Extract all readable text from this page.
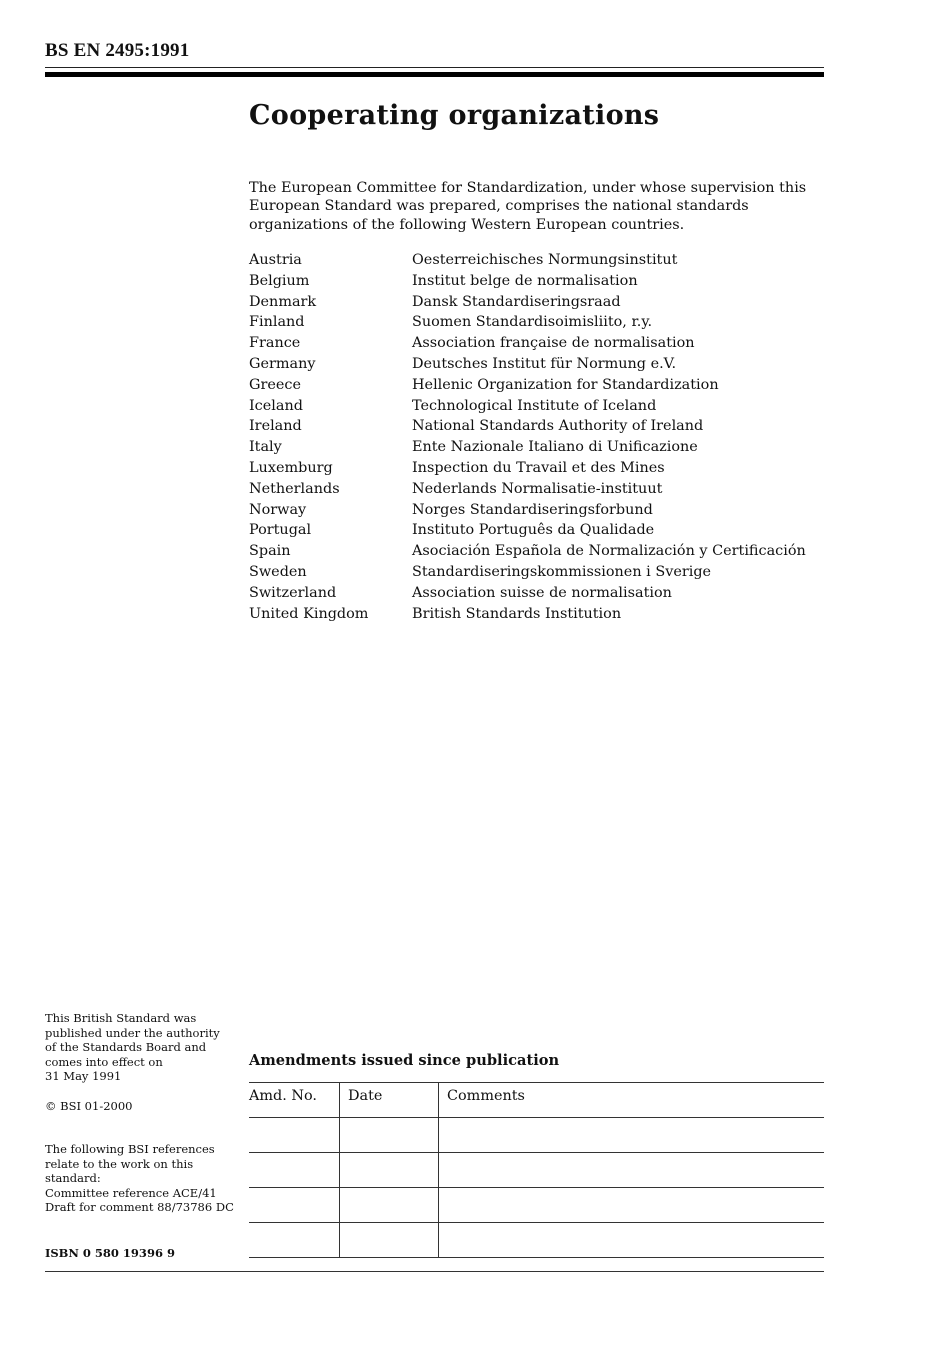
BS EN 2495:1991
Cooperating organizations
The European Committee for Standardization, under whose supervision this European Standard was prepared, comprises the national standards organizations of the following Western European countries.
Austria	Oesterreichisches Normungsinstitut
Belgium	Institut belge de normalisation
Denmark	Dansk Standardiseringsraad
Finland	Suomen Standardisoimisliito, r.y.
France	Association française de normalisation
Germany	Deutsches Institut für Normung e.V.
Greece	Hellenic Organization for Standardization
Iceland	Technological Institute of Iceland
Ireland	National Standards Authority of Ireland
Italy	Ente Nazionale Italiano di Unificazione
Luxemburg	Inspection du Travail et des Mines
Netherlands	Nederlands Normalisatie-instituut
Norway	Norges Standardiseringsforbund
Portugal	Instituto Português da Qualidade
Spain	Asociación Española de Normalización y Certificación
Sweden	Standardiseringskommissionen i Sverige
Switzerland	Association suisse de normalisation
United Kingdom	British Standards Institution
This British Standard was
published under the authority
of the Standards Board and
comes into effect on
31 May 1991
© BSI 01-2000
The following BSI references
relate to the work on this
standard:
Committee reference ACE/41
Draft for comment 88/73786 DC
ISBN 0 580 19396 9
Amendments issued since publication
Amd. No.	Date	Comments
